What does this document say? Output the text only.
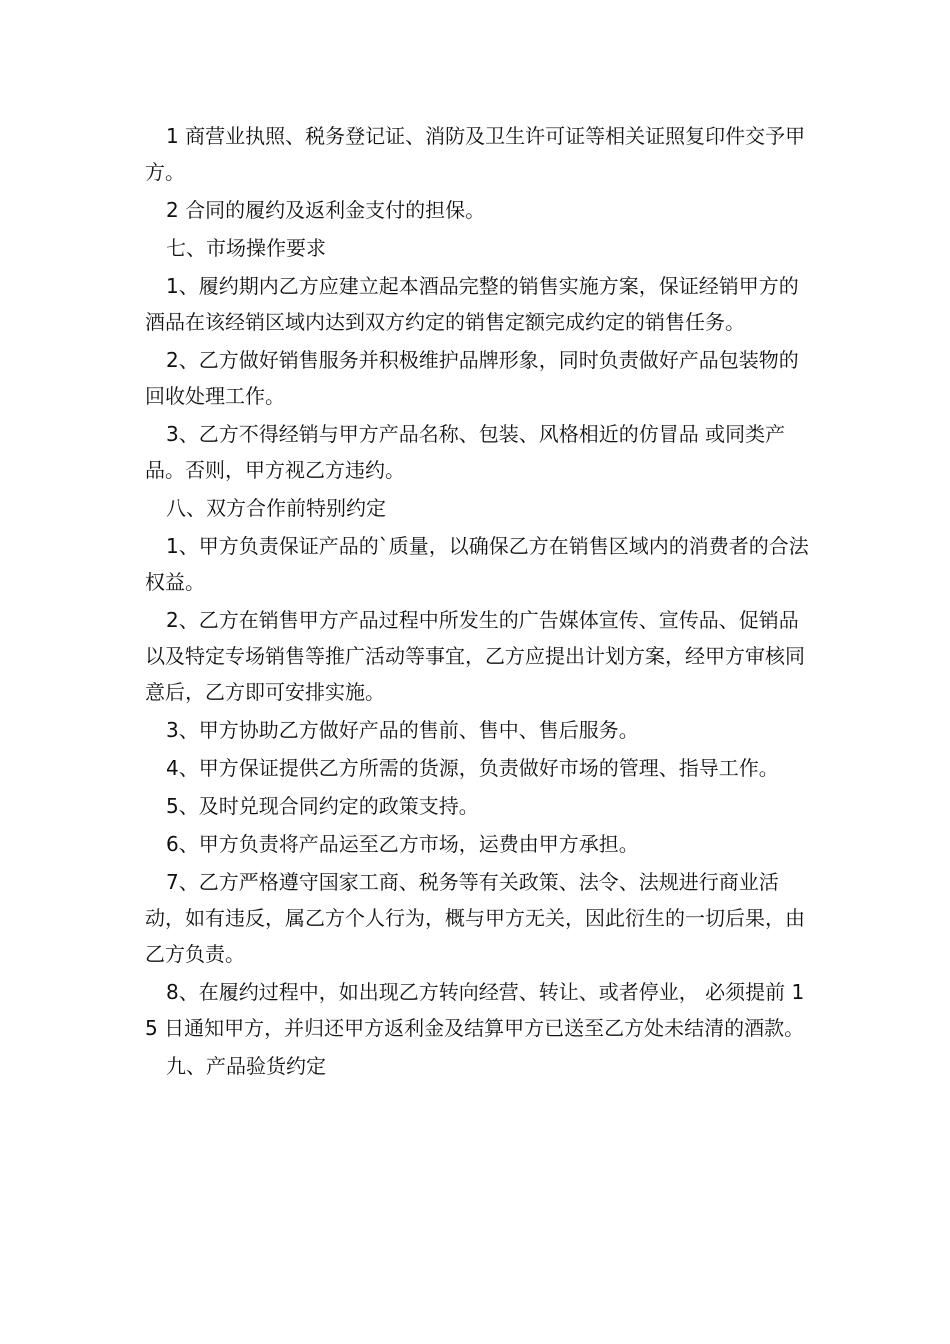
1 商营业执照、税务登记证、消防及卫生许可证等相关证照复印件交予甲方。

2 合同的履约及返利金支付的担保。

七、市场操作要求

1、履约期内乙方应建立起本酒品完整的销售实施方案，保证经销甲方的酒品在该经销区域内达到双方约定的销售定额完成约定的销售任务。

2、乙方做好销售服务并积极维护品牌形象，同时负责做好产品包装物的回收处理工作。

3、乙方不得经销与甲方产品名称、包装、风格相近的仿冒品 或同类产品。否则，甲方视乙方违约。

八、双方合作前特别约定

1、甲方负责保证产品的`质量，以确保乙方在销售区域内的消费者的合法权益。

2、乙方在销售甲方产品过程中所发生的广告媒体宣传、宣传品、促销品以及特定专场销售等推广活动等事宜，乙方应提出计划方案，经甲方审核同意后，乙方即可安排实施。

3、甲方协助乙方做好产品的售前、售中、售后服务。

4、甲方保证提供乙方所需的货源，负责做好市场的管理、指导工作。

5、及时兑现合同约定的政策支持。

6、甲方负责将产品运至乙方市场，运费由甲方承担。

7、乙方严格遵守国家工商、税务等有关政策、法令、法规进行商业活动，如有违反，属乙方个人行为，概与甲方无关，因此衍生的一切后果，由乙方负责。

8、在履约过程中，如出现乙方转向经营、转让、或者停业， 必须提前 15 日通知甲方，并归还甲方返利金及结算甲方已送至乙方处未结清的酒款。

九、产品验货约定
